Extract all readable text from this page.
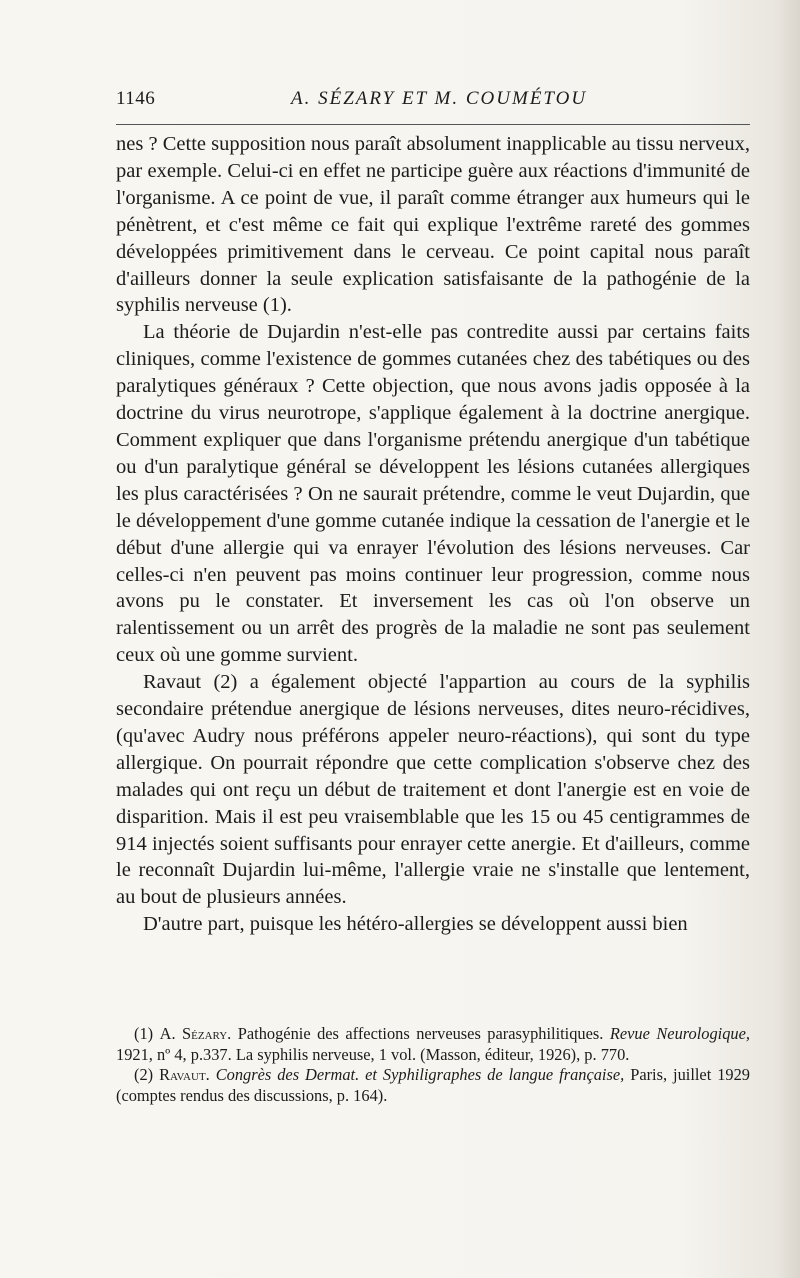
1146	A. SÉZARY ET M. COUMÉTOU

nes ? Cette supposition nous paraît absolument inapplicable au tissu nerveux, par exemple. Celui-ci en effet ne participe guère aux réactions d'immunité de l'organisme. A ce point de vue, il paraît comme étranger aux humeurs qui le pénètrent, et c'est même ce fait qui explique l'extrême rareté des gommes développées primitivement dans le cerveau. Ce point capital nous paraît d'ailleurs donner la seule explication satisfaisante de la pathogénie de la syphilis nerveuse (1).

La théorie de Dujardin n'est-elle pas contredite aussi par certains faits cliniques, comme l'existence de gommes cutanées chez des tabétiques ou des paralytiques généraux ? Cette objection, que nous avons jadis opposée à la doctrine du virus neurotrope, s'applique également à la doctrine anergique. Comment expliquer que dans l'organisme prétendu anergique d'un tabétique ou d'un paralytique général se développent les lésions cutanées allergiques les plus caractérisées ? On ne saurait prétendre, comme le veut Dujardin, que le développement d'une gomme cutanée indique la cessation de l'anergie et le début d'une allergie qui va enrayer l'évolution des lésions nerveuses. Car celles-ci n'en peuvent pas moins continuer leur progression, comme nous avons pu le constater. Et inversement les cas où l'on observe un ralentissement ou un arrêt des progrès de la maladie ne sont pas seulement ceux où une gomme survient.

Ravaut (2) a également objecté l'appartion au cours de la syphilis secondaire prétendue anergique de lésions nerveuses, dites neuro-récidives, (qu'avec Audry nous préférons appeler neuro-réactions), qui sont du type allergique. On pourrait répondre que cette complication s'observe chez des malades qui ont reçu un début de traitement et dont l'anergie est en voie de disparition. Mais il est peu vraisemblable que les 15 ou 45 centigrammes de 914 injectés soient suffisants pour enrayer cette anergie. Et d'ailleurs, comme le reconnaît Dujardin lui-même, l'allergie vraie ne s'installe que lentement, au bout de plusieurs années.

D'autre part, puisque les hétéro-allergies se développent aussi bien

(1) A. Sézary. Pathogénie des affections nerveuses parasyphilitiques. Revue Neurologique, 1921, nº 4, p.337. La syphilis nerveuse, 1 vol. (Masson, éditeur, 1926), p. 770.

(2) Ravaut. Congrès des Dermat. et Syphiligraphes de langue française, Paris, juillet 1929 (comptes rendus des discussions, p. 164).
